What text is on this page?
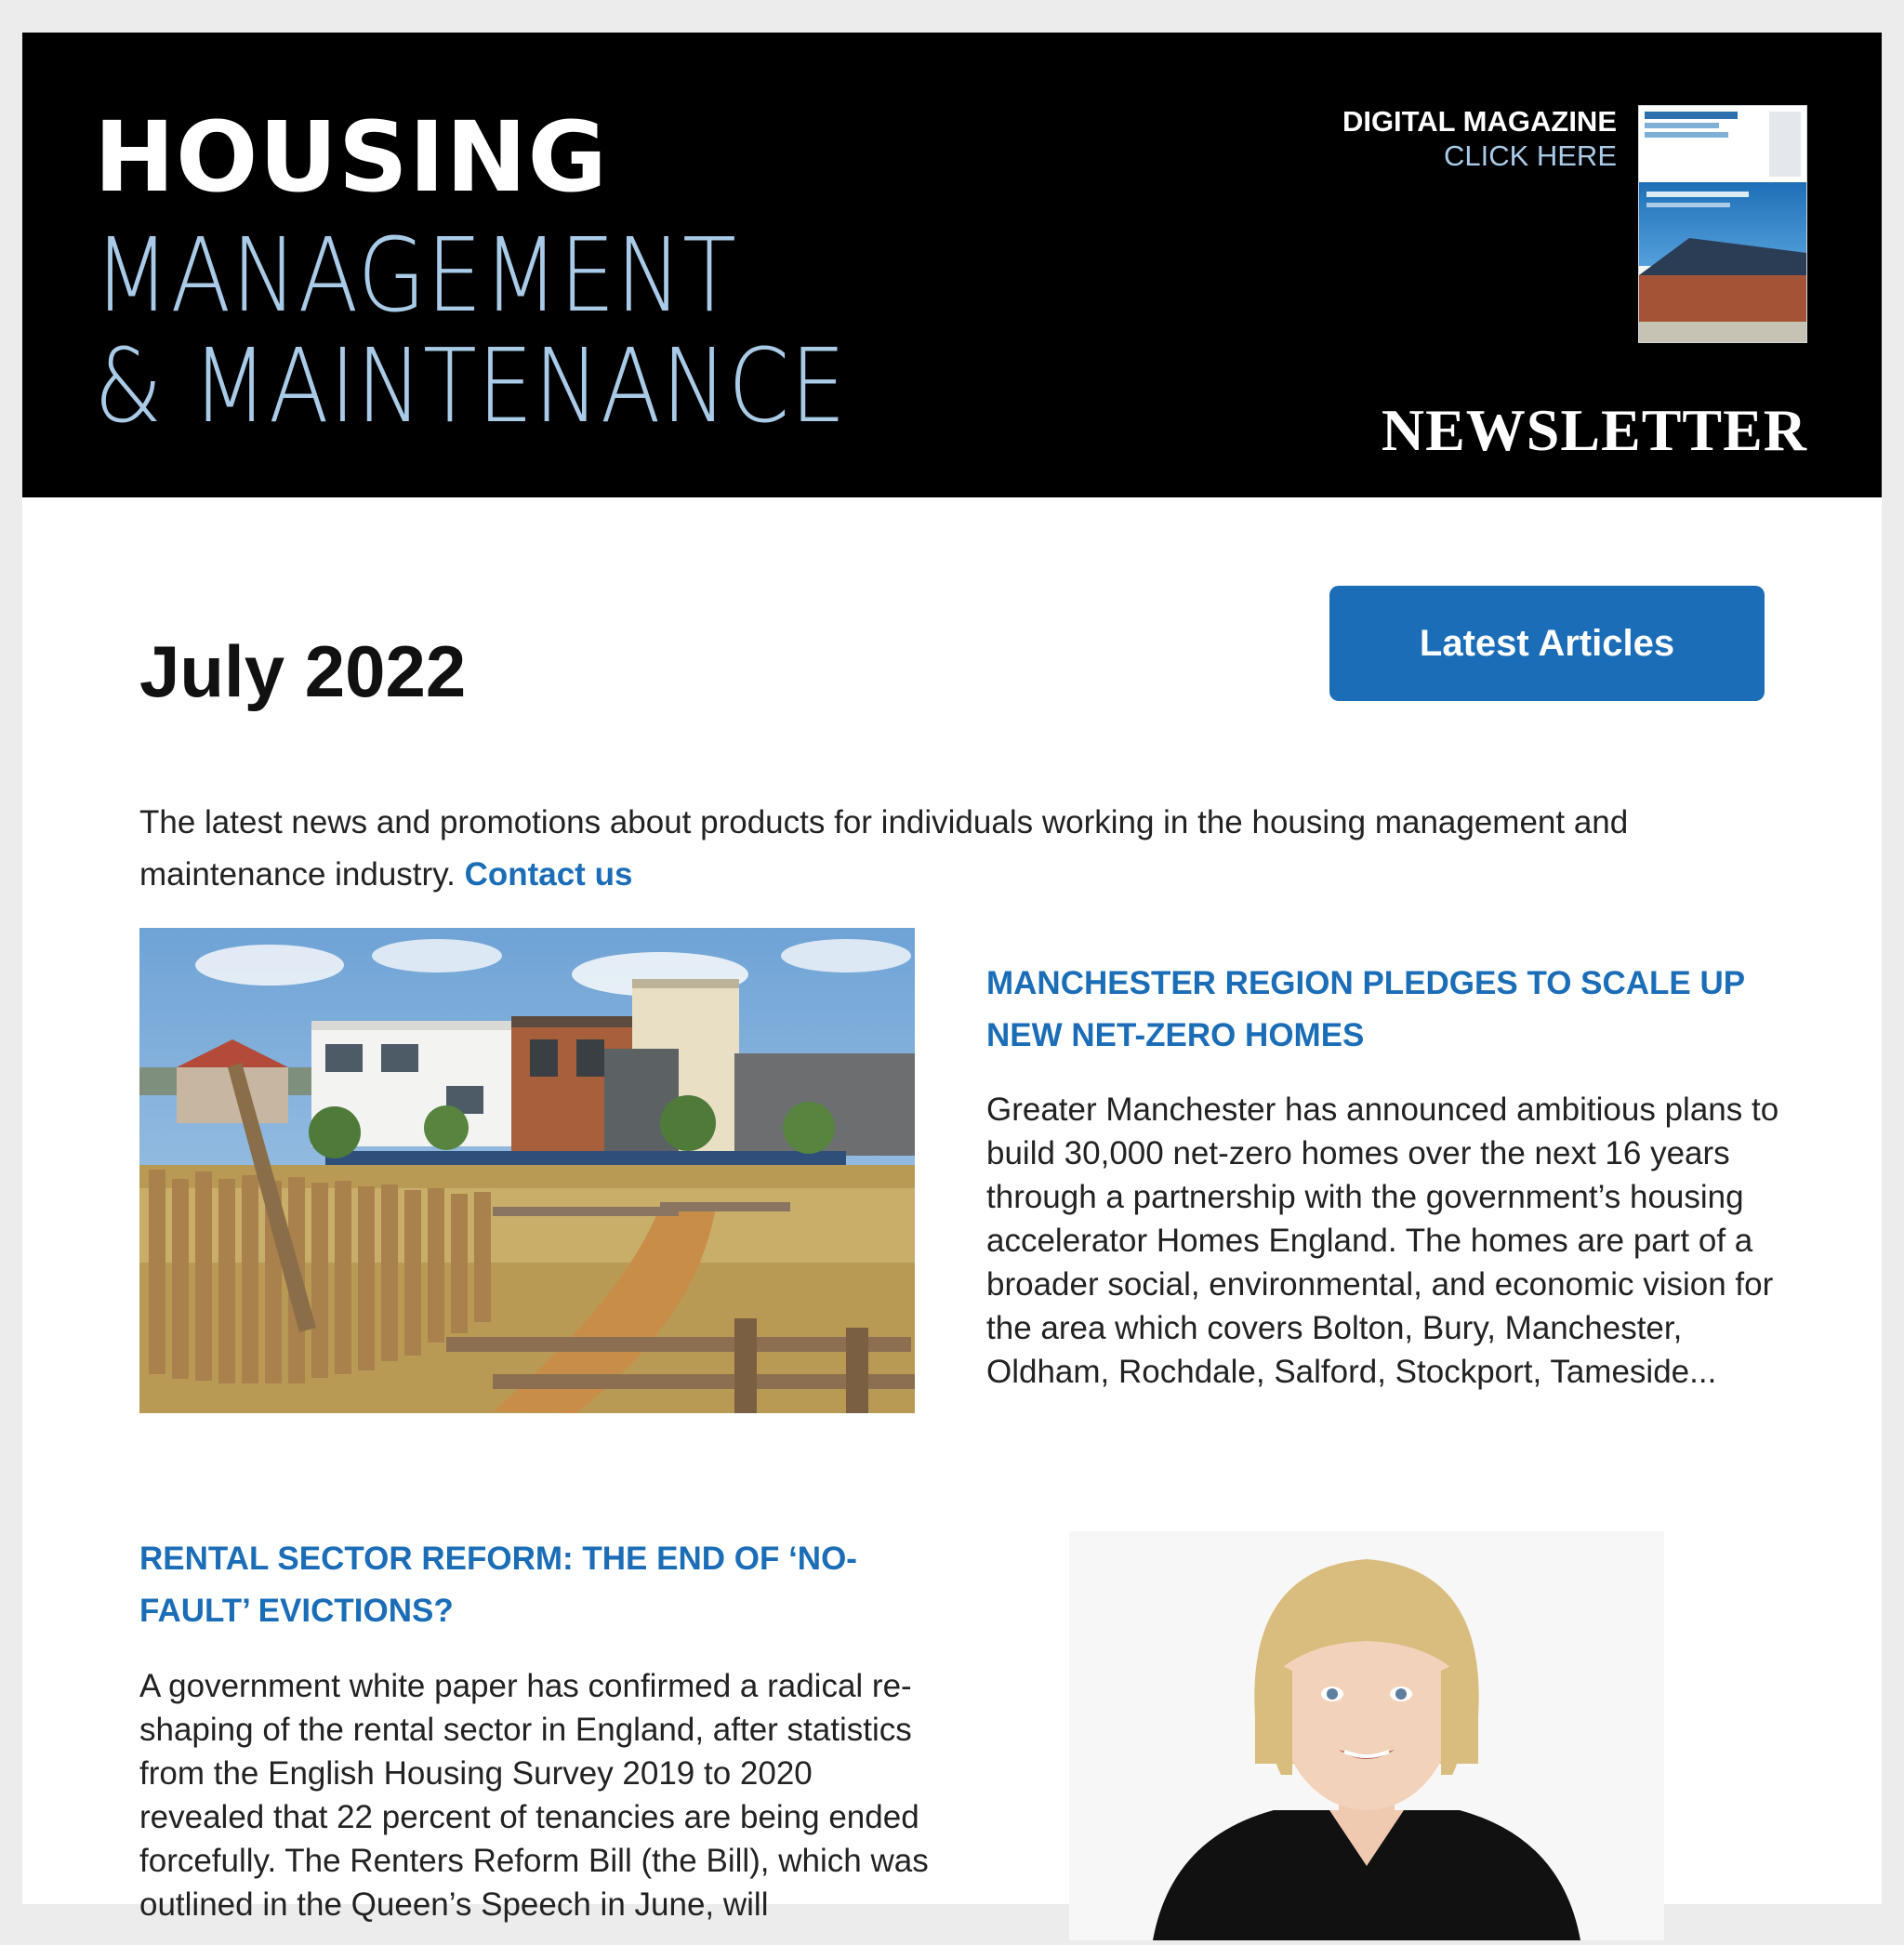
HOUSING
MANAGEMENT
& MAINTENANCE
DIGITAL MAGAZINE
CLICK HERE
NEWSLETTER
July 2022	Latest Articles
The latest news and promotions about products for individuals working in the housing management and maintenance industry. Contact us
MANCHESTER REGION PLEDGES TO SCALE UP NEW NET-ZERO HOMES
Greater Manchester has announced ambitious plans to build 30,000 net-zero homes over the next 16 years through a partnership with the government’s housing accelerator Homes England. The homes are part of a broader social, environmental, and economic vision for the area which covers Bolton, Bury, Manchester, Oldham, Rochdale, Salford, Stockport, Tameside...
RENTAL SECTOR REFORM: THE END OF ‘NO-FAULT’ EVICTIONS?
A government white paper has confirmed a radical re-shaping of the rental sector in England, after statistics from the English Housing Survey 2019 to 2020 revealed that 22 percent of tenancies are being ended forcefully. The Renters Reform Bill (the Bill), which was outlined in the Queen’s Speech in June, will
